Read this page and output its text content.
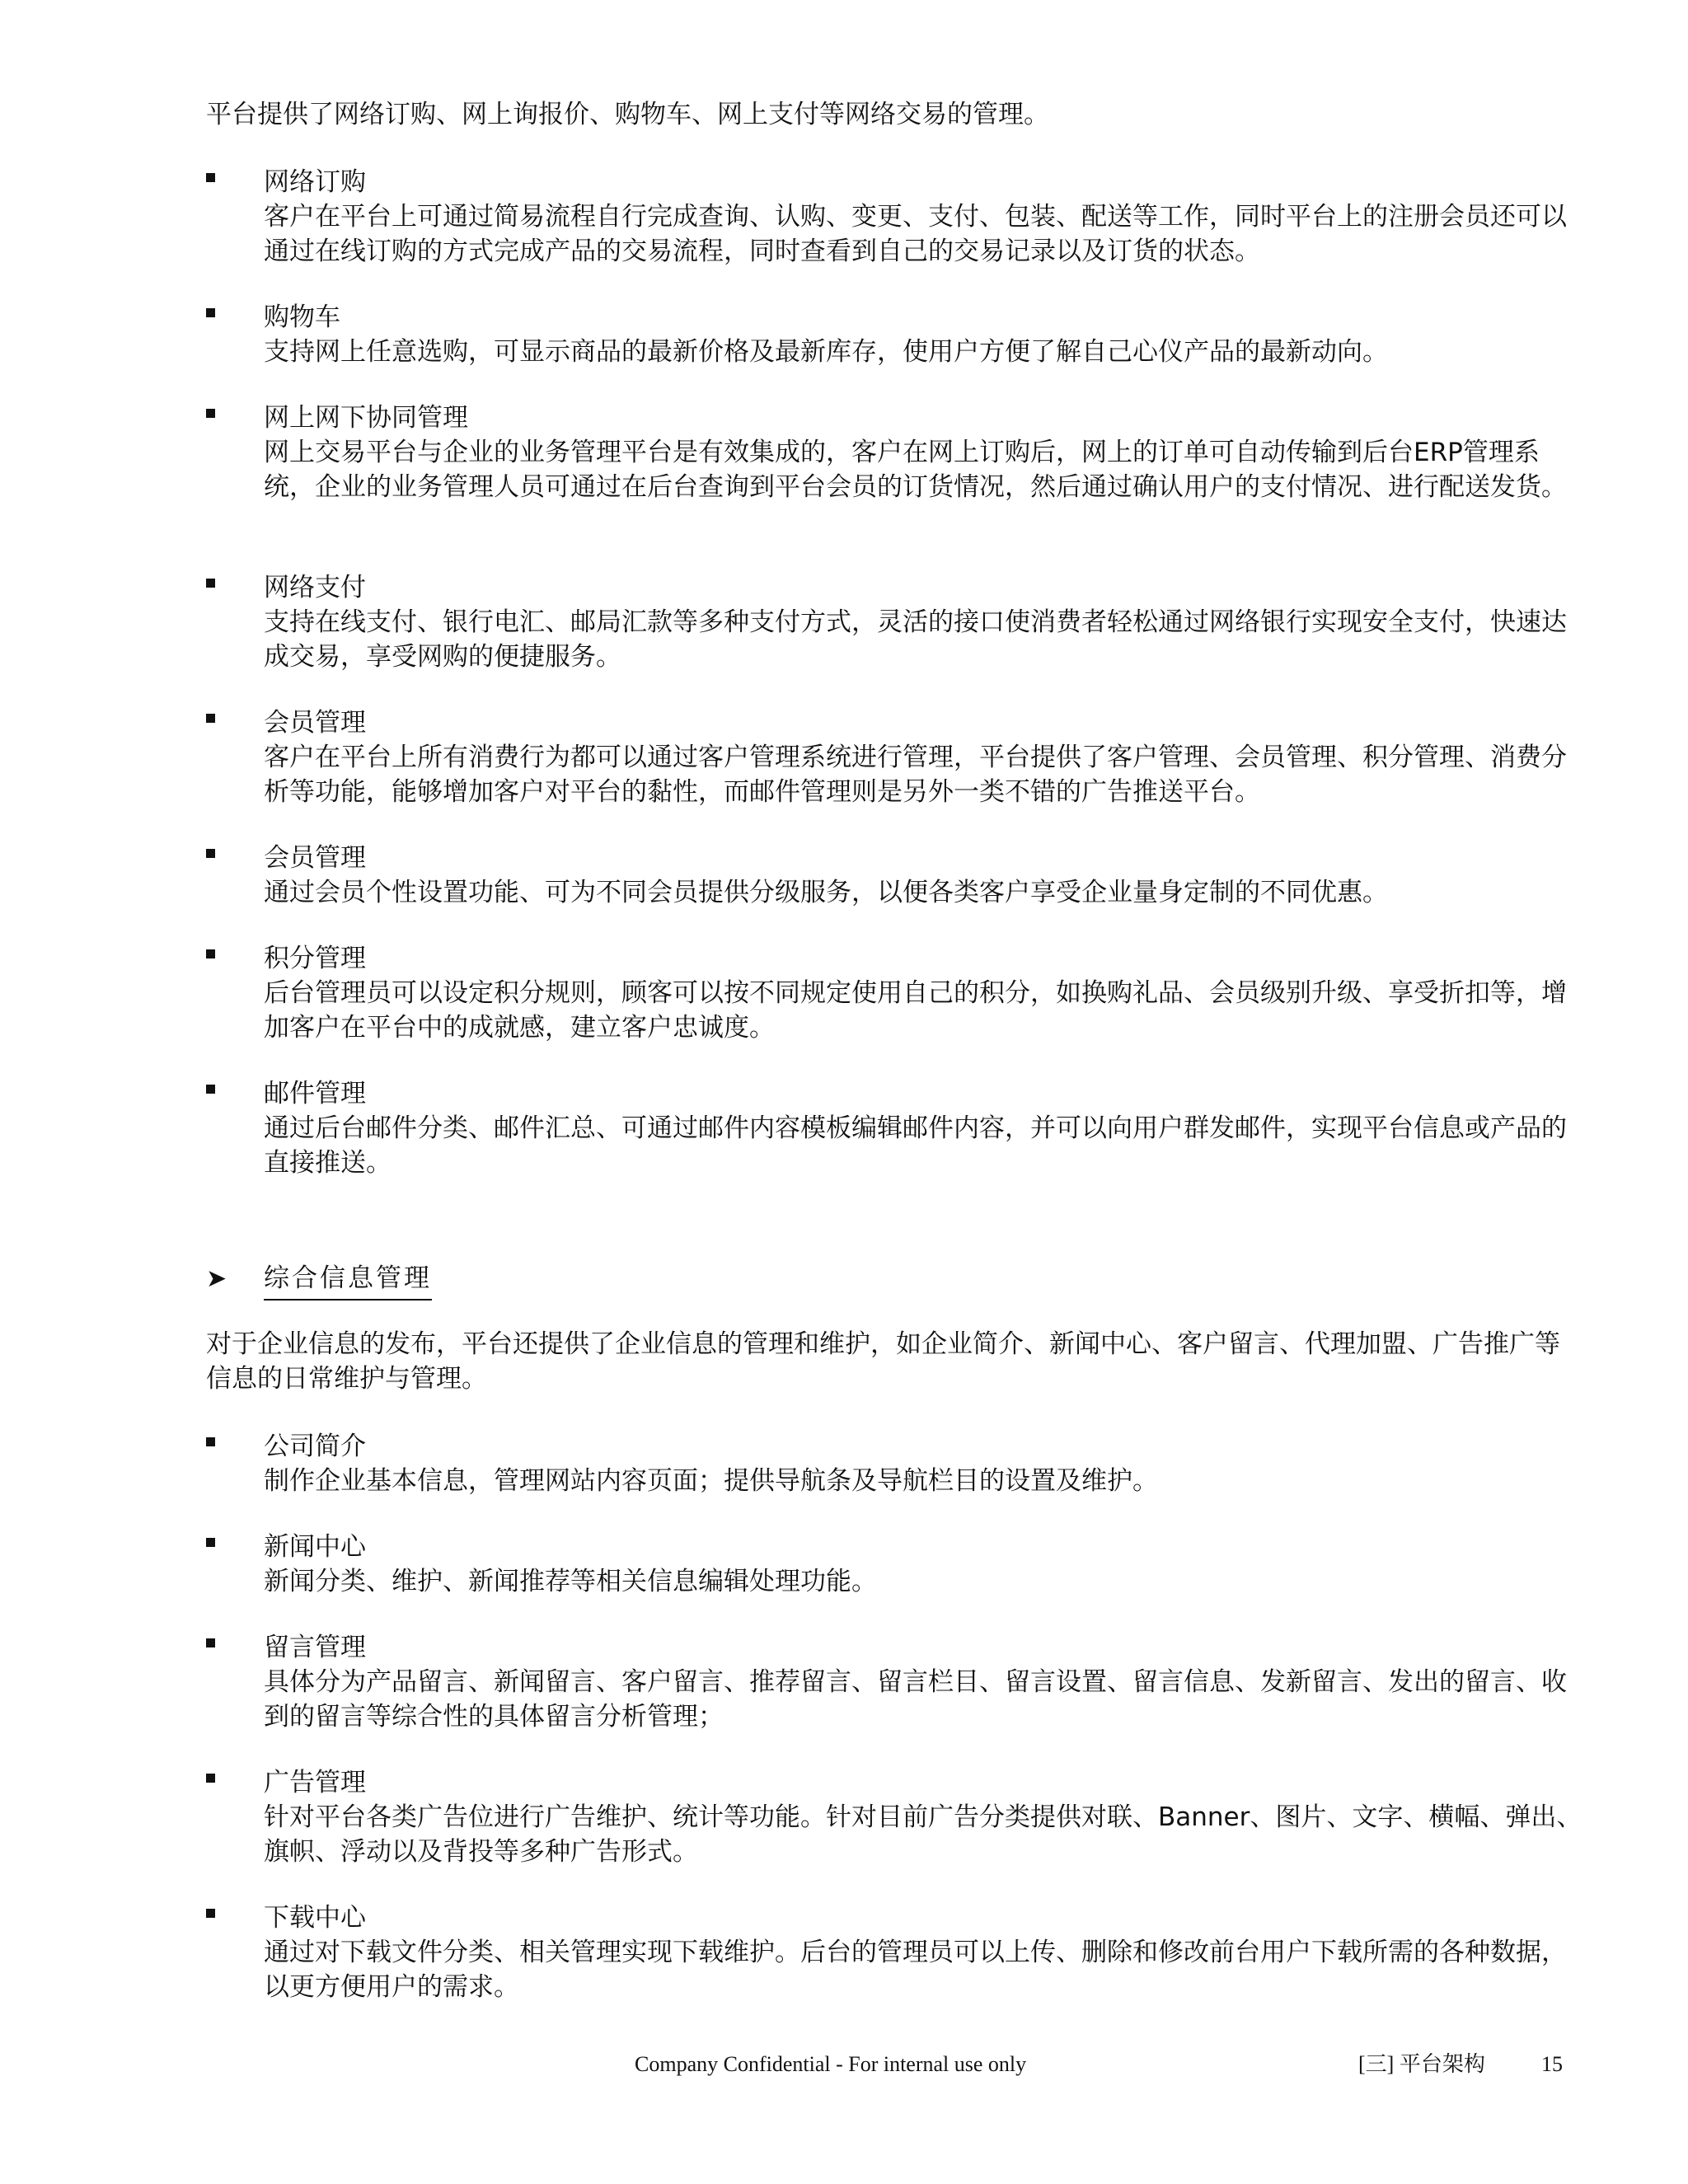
平台提供了网络订购、网上询报价、购物车、网上支付等网络交易的管理。

网络订购

客户在平台上可通过简易流程自行完成查询、认购、变更、支付、包装、配送等工作，同时平台上的注册会员还可以通过在线订购的方式完成产品的交易流程，同时查看到自己的交易记录以及订货的状态。

购物车

支持网上任意选购，可显示商品的最新价格及最新库存，使用户方便了解自己心仪产品的最新动向。

网上网下协同管理

网上交易平台与企业的业务管理平台是有效集成的，客户在网上订购后，网上的订单可自动传输到后台ERP管理系统，企业的业务管理人员可通过在后台查询到平台会员的订货情况，然后通过确认用户的支付情况、进行配送发货。

网络支付

支持在线支付、银行电汇、邮局汇款等多种支付方式，灵活的接口使消费者轻松通过网络银行实现安全支付，快速达成交易，享受网购的便捷服务。

会员管理

客户在平台上所有消费行为都可以通过客户管理系统进行管理，平台提供了客户管理、会员管理、积分管理、消费分析等功能，能够增加客户对平台的黏性，而邮件管理则是另外一类不错的广告推送平台。

会员管理

通过会员个性设置功能、可为不同会员提供分级服务，以便各类客户享受企业量身定制的不同优惠。

积分管理

后台管理员可以设定积分规则，顾客可以按不同规定使用自己的积分，如换购礼品、会员级别升级、享受折扣等，增加客户在平台中的成就感，建立客户忠诚度。

邮件管理

通过后台邮件分类、邮件汇总、可通过邮件内容模板编辑邮件内容，并可以向用户群发邮件，实现平台信息或产品的直接推送。

➤ 综合信息管理

对于企业信息的发布，平台还提供了企业信息的管理和维护，如企业简介、新闻中心、客户留言、代理加盟、广告推广等信息的日常维护与管理。

公司简介

制作企业基本信息，管理网站内容页面；提供导航条及导航栏目的设置及维护。

新闻中心

新闻分类、维护、新闻推荐等相关信息编辑处理功能。

留言管理

具体分为产品留言、新闻留言、客户留言、推荐留言、留言栏目、留言设置、留言信息、发新留言、发出的留言、收到的留言等综合性的具体留言分析管理；

广告管理

针对平台各类广告位进行广告维护、统计等功能。针对目前广告分类提供对联、Banner、图片、文字、横幅、弹出、旗帜、浮动以及背投等多种广告形式。

下载中心

通过对下载文件分类、相关管理实现下载维护。后台的管理员可以上传、删除和修改前台用户下载所需的各种数据，以更方便用户的需求。

Company Confidential - For internal use only	[三] 平台架构	15
